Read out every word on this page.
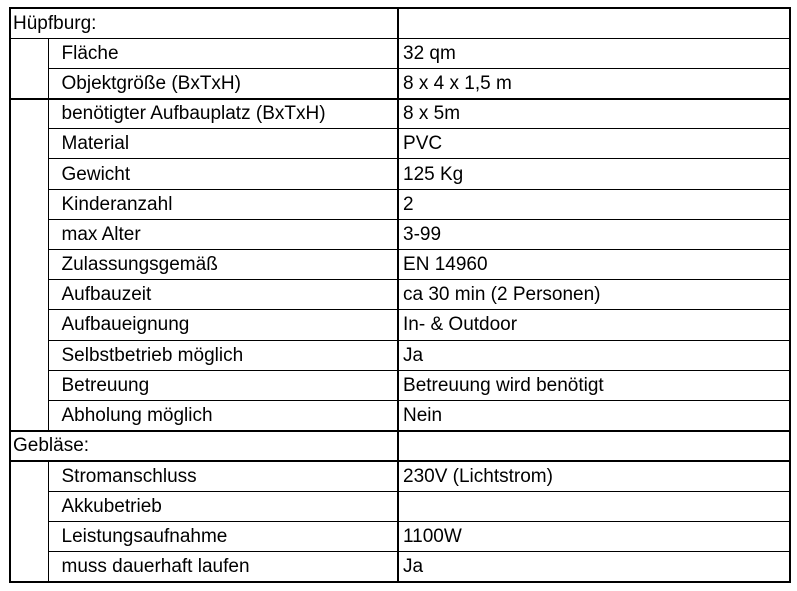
Hüpfburg:		
	Fläche	32 qm
	Objektgröße (BxTxH)	8 x 4 x 1,5 m
	benötigter Aufbauplatz (BxTxH)	8 x 5m
	Material	PVC
	Gewicht	125 Kg
	Kinderanzahl	2
	max Alter	3-99
	Zulassungsgemäß	EN 14960
	Aufbauzeit	ca 30 min (2 Personen)
	Aufbaueignung	In- & Outdoor
	Selbstbetrieb möglich	Ja
	Betreuung	Betreuung wird benötigt
	Abholung möglich	Nein
Gebläse:		
	Stromanschluss	230V (Lichtstrom)
	Akkubetrieb	
	Leistungsaufnahme	1100W
	muss dauerhaft laufen	Ja
